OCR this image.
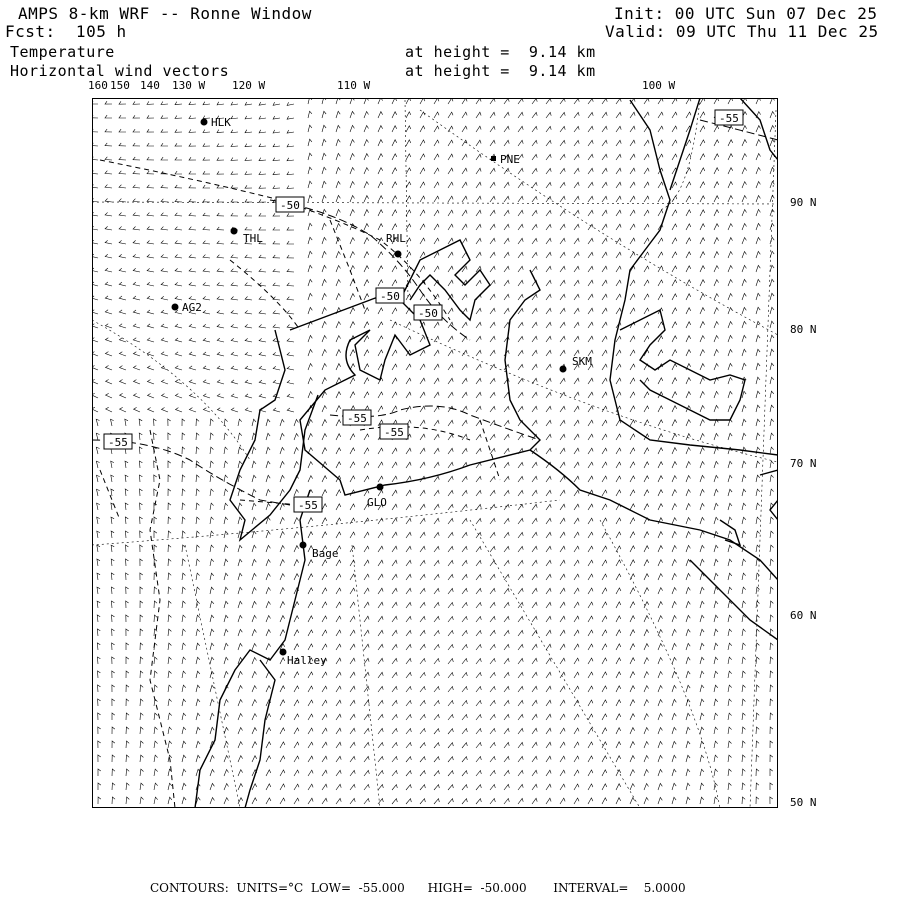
AMPS 8-km WRF -- Ronne Window
Fcst:  105 h
Temperature
Horizontal wind vectors
Init: 00 UTC Sun 07 Dec 25
Valid: 09 UTC Thu 11 Dec 25
at height =  9.14 km
at height =  9.14 km
160 150 140 130 W 120 W	110 W	100 W
90 N
80 N
70 N
60 N
50 N
HLK
PNE
THL	RHL
AG2
SKM
GLO
Bage
Halley
-55
-50
-50
-50
-55
-55
-55
-55
CONTOURS:  UNITS=°C  LOW=  -55.000      HIGH=  -50.000       INTERVAL=    5.0000
